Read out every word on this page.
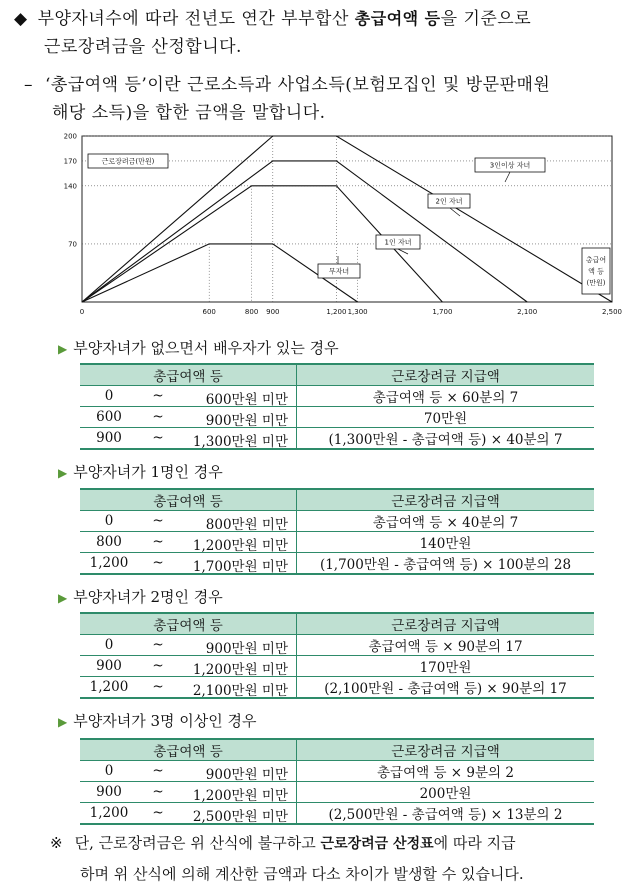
◆ 부양자녀수에 따라 전년도 연간 부부합산 총급여액 등을 기준으로
근로장려금을 산정합니다.
– ‘총급여액 등’이란 근로소득과 사업소득(보험모집인 및 방문판매원
해당 소득)을 합한 금액을 말합니다.
200
170
140
70
0	600	800 900	1,200 1,300	1,700	2,100	2,500
근로장려금(만원)
무자녀
1인 자녀
2인 자녀
3인이상 자녀
총급여
액 등
(만원)
▶ 부양자녀가 없으면서 배우자가 있는 경우
총급여액 등	근로장려금 지급액

0 ~ 600만원 미만	총급여액 등 × 60분의 7

600 ~ 900만원 미만	70만원

900 ~ 1,300만원 미만	(1,300만원 - 총급여액 등) × 40분의 7
▶ 부양자녀가 1명인 경우
총급여액 등	근로장려금 지급액

0 ~ 800만원 미만	총급여액 등 × 40분의 7

800 ~ 1,200만원 미만	140만원

1,200 ~ 1,700만원 미만	(1,700만원 - 총급여액 등) × 100분의 28
▶ 부양자녀가 2명인 경우
총급여액 등	근로장려금 지급액

0 ~ 900만원 미만	총급여액 등 × 90분의 17

900 ~ 1,200만원 미만	170만원

1,200 ~ 2,100만원 미만	(2,100만원 - 총급여액 등) × 90분의 17
▶ 부양자녀가 3명 이상인 경우
총급여액 등	근로장려금 지급액

0 ~ 900만원 미만	총급여액 등 × 9분의 2

900 ~ 1,200만원 미만	200만원

1,200 ~ 2,500만원 미만	(2,500만원 - 총급여액 등) × 13분의 2
※ 단, 근로장려금은 위 산식에 불구하고 근로장려금 산정표에 따라 지급
하며 위 산식에 의해 계산한 금액과 다소 차이가 발생할 수 있습니다.
